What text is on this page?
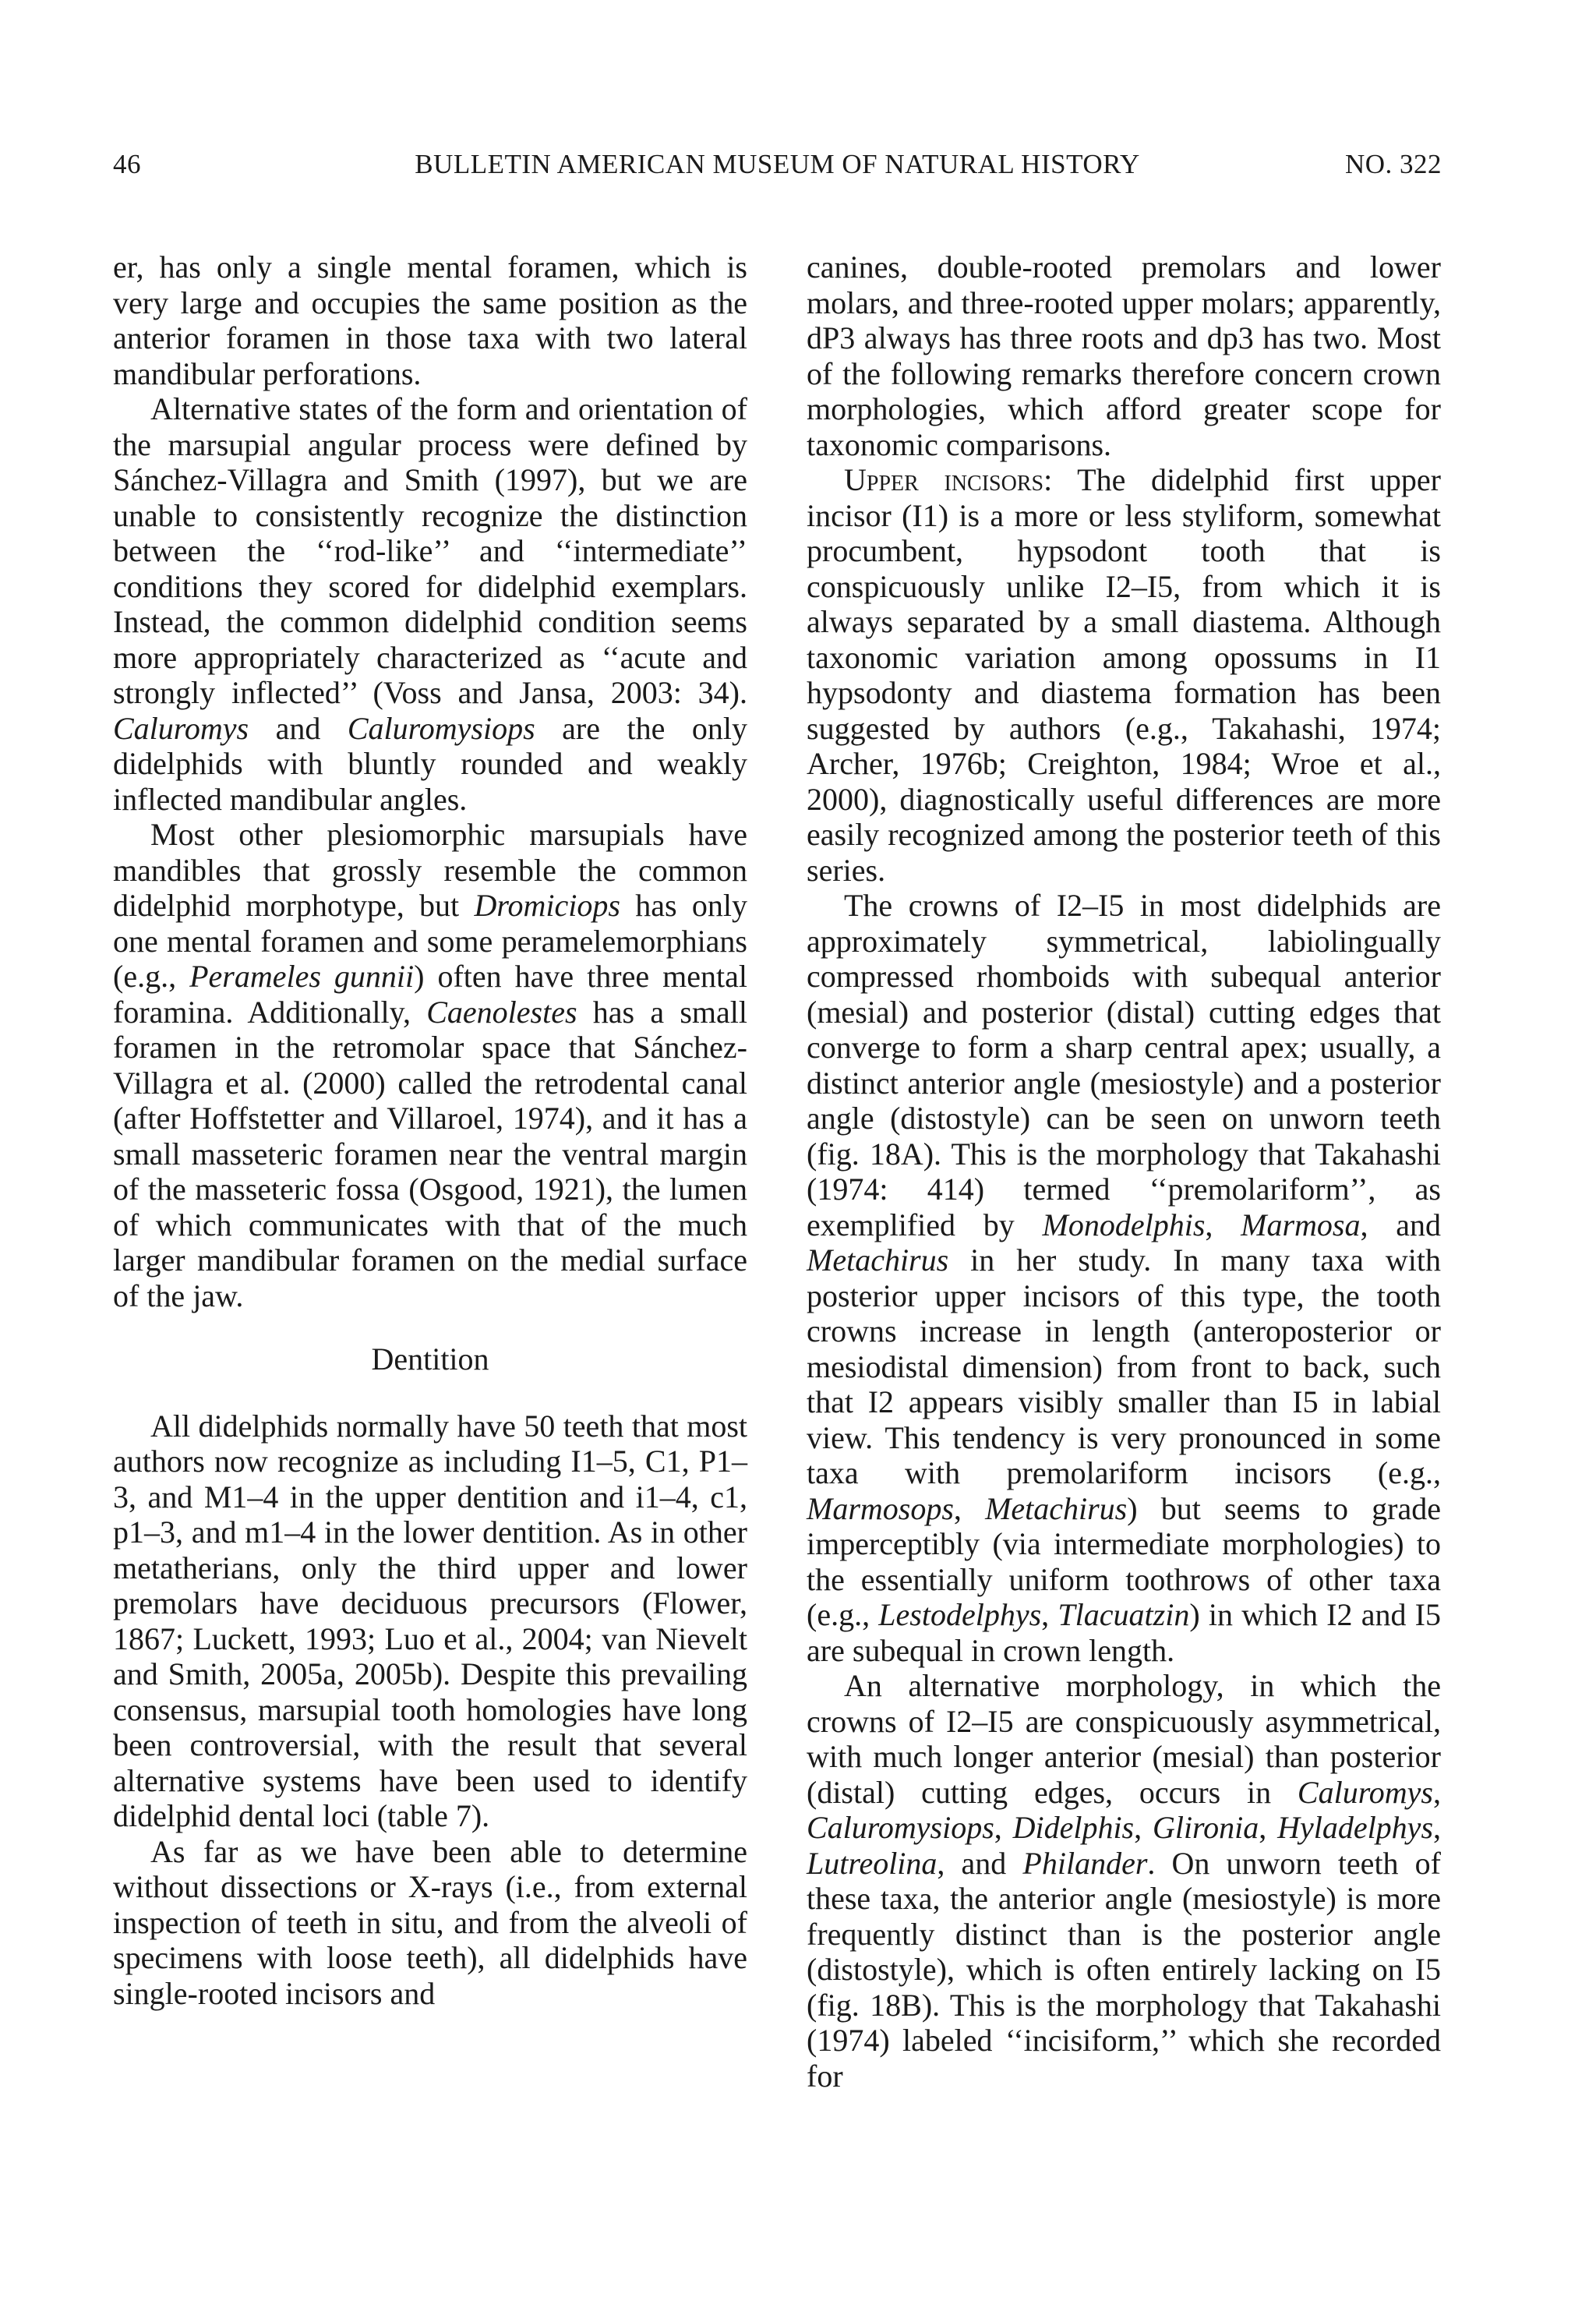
46	BULLETIN AMERICAN MUSEUM OF NATURAL HISTORY	NO. 322

er, has only a single mental foramen, which is very large and occupies the same position as the anterior foramen in those taxa with two lateral mandibular perforations.

Alternative states of the form and orientation of the marsupial angular process were defined by Sánchez-Villagra and Smith (1997), but we are unable to consistently recognize the distinction between the ‘‘rod-like’’ and ‘‘intermediate’’ conditions they scored for didelphid exemplars. Instead, the common didelphid condition seems more appropriately characterized as ‘‘acute and strongly inflected’’ (Voss and Jansa, 2003: 34). Caluromys and Caluromysiops are the only didelphids with bluntly rounded and weakly inflected mandibular angles.

Most other plesiomorphic marsupials have mandibles that grossly resemble the common didelphid morphotype, but Dromiciops has only one mental foramen and some peramelemorphians (e.g., Perameles gunnii) often have three mental foramina. Additionally, Caenolestes has a small foramen in the retromolar space that Sánchez-Villagra et al. (2000) called the retrodental canal (after Hoffstetter and Villaroel, 1974), and it has a small masseteric foramen near the ventral margin of the masseteric fossa (Osgood, 1921), the lumen of which communicates with that of the much larger mandibular foramen on the medial surface of the jaw.

Dentition

All didelphids normally have 50 teeth that most authors now recognize as including I1–5, C1, P1–3, and M1–4 in the upper dentition and i1–4, c1, p1–3, and m1–4 in the lower dentition. As in other metatherians, only the third upper and lower premolars have deciduous precursors (Flower, 1867; Luckett, 1993; Luo et al., 2004; van Nievelt and Smith, 2005a, 2005b). Despite this prevailing consensus, marsupial tooth homologies have long been controversial, with the result that several alternative systems have been used to identify didelphid dental loci (table 7).

As far as we have been able to determine without dissections or X-rays (i.e., from external inspection of teeth in situ, and from the alveoli of specimens with loose teeth), all didelphids have single-rooted incisors and

canines, double-rooted premolars and lower molars, and three-rooted upper molars; apparently, dP3 always has three roots and dp3 has two. Most of the following remarks therefore concern crown morphologies, which afford greater scope for taxonomic comparisons.

Upper incisors: The didelphid first upper incisor (I1) is a more or less styliform, somewhat procumbent, hypsodont tooth that is conspicuously unlike I2–I5, from which it is always separated by a small diastema. Although taxonomic variation among opossums in I1 hypsodonty and diastema formation has been suggested by authors (e.g., Takahashi, 1974; Archer, 1976b; Creighton, 1984; Wroe et al., 2000), diagnostically useful differences are more easily recognized among the posterior teeth of this series.

The crowns of I2–I5 in most didelphids are approximately symmetrical, labiolingually compressed rhomboids with subequal anterior (mesial) and posterior (distal) cutting edges that converge to form a sharp central apex; usually, a distinct anterior angle (mesiostyle) and a posterior angle (distostyle) can be seen on unworn teeth (fig. 18A). This is the morphology that Takahashi (1974: 414) termed ‘‘premolariform’’, as exemplified by Monodelphis, Marmosa, and Metachirus in her study. In many taxa with posterior upper incisors of this type, the tooth crowns increase in length (anteroposterior or mesiodistal dimension) from front to back, such that I2 appears visibly smaller than I5 in labial view. This tendency is very pronounced in some taxa with premolariform incisors (e.g., Marmosops, Metachirus) but seems to grade imperceptibly (via intermediate morphologies) to the essentially uniform toothrows of other taxa (e.g., Lestodelphys, Tlacuatzin) in which I2 and I5 are subequal in crown length.

An alternative morphology, in which the crowns of I2–I5 are conspicuously asymmetrical, with much longer anterior (mesial) than posterior (distal) cutting edges, occurs in Caluromys, Caluromysiops, Didelphis, Glironia, Hyladelphys, Lutreolina, and Philander. On unworn teeth of these taxa, the anterior angle (mesiostyle) is more frequently distinct than is the posterior angle (distostyle), which is often entirely lacking on I5 (fig. 18B). This is the morphology that Takahashi (1974) labeled ‘‘incisiform,’’ which she recorded for
